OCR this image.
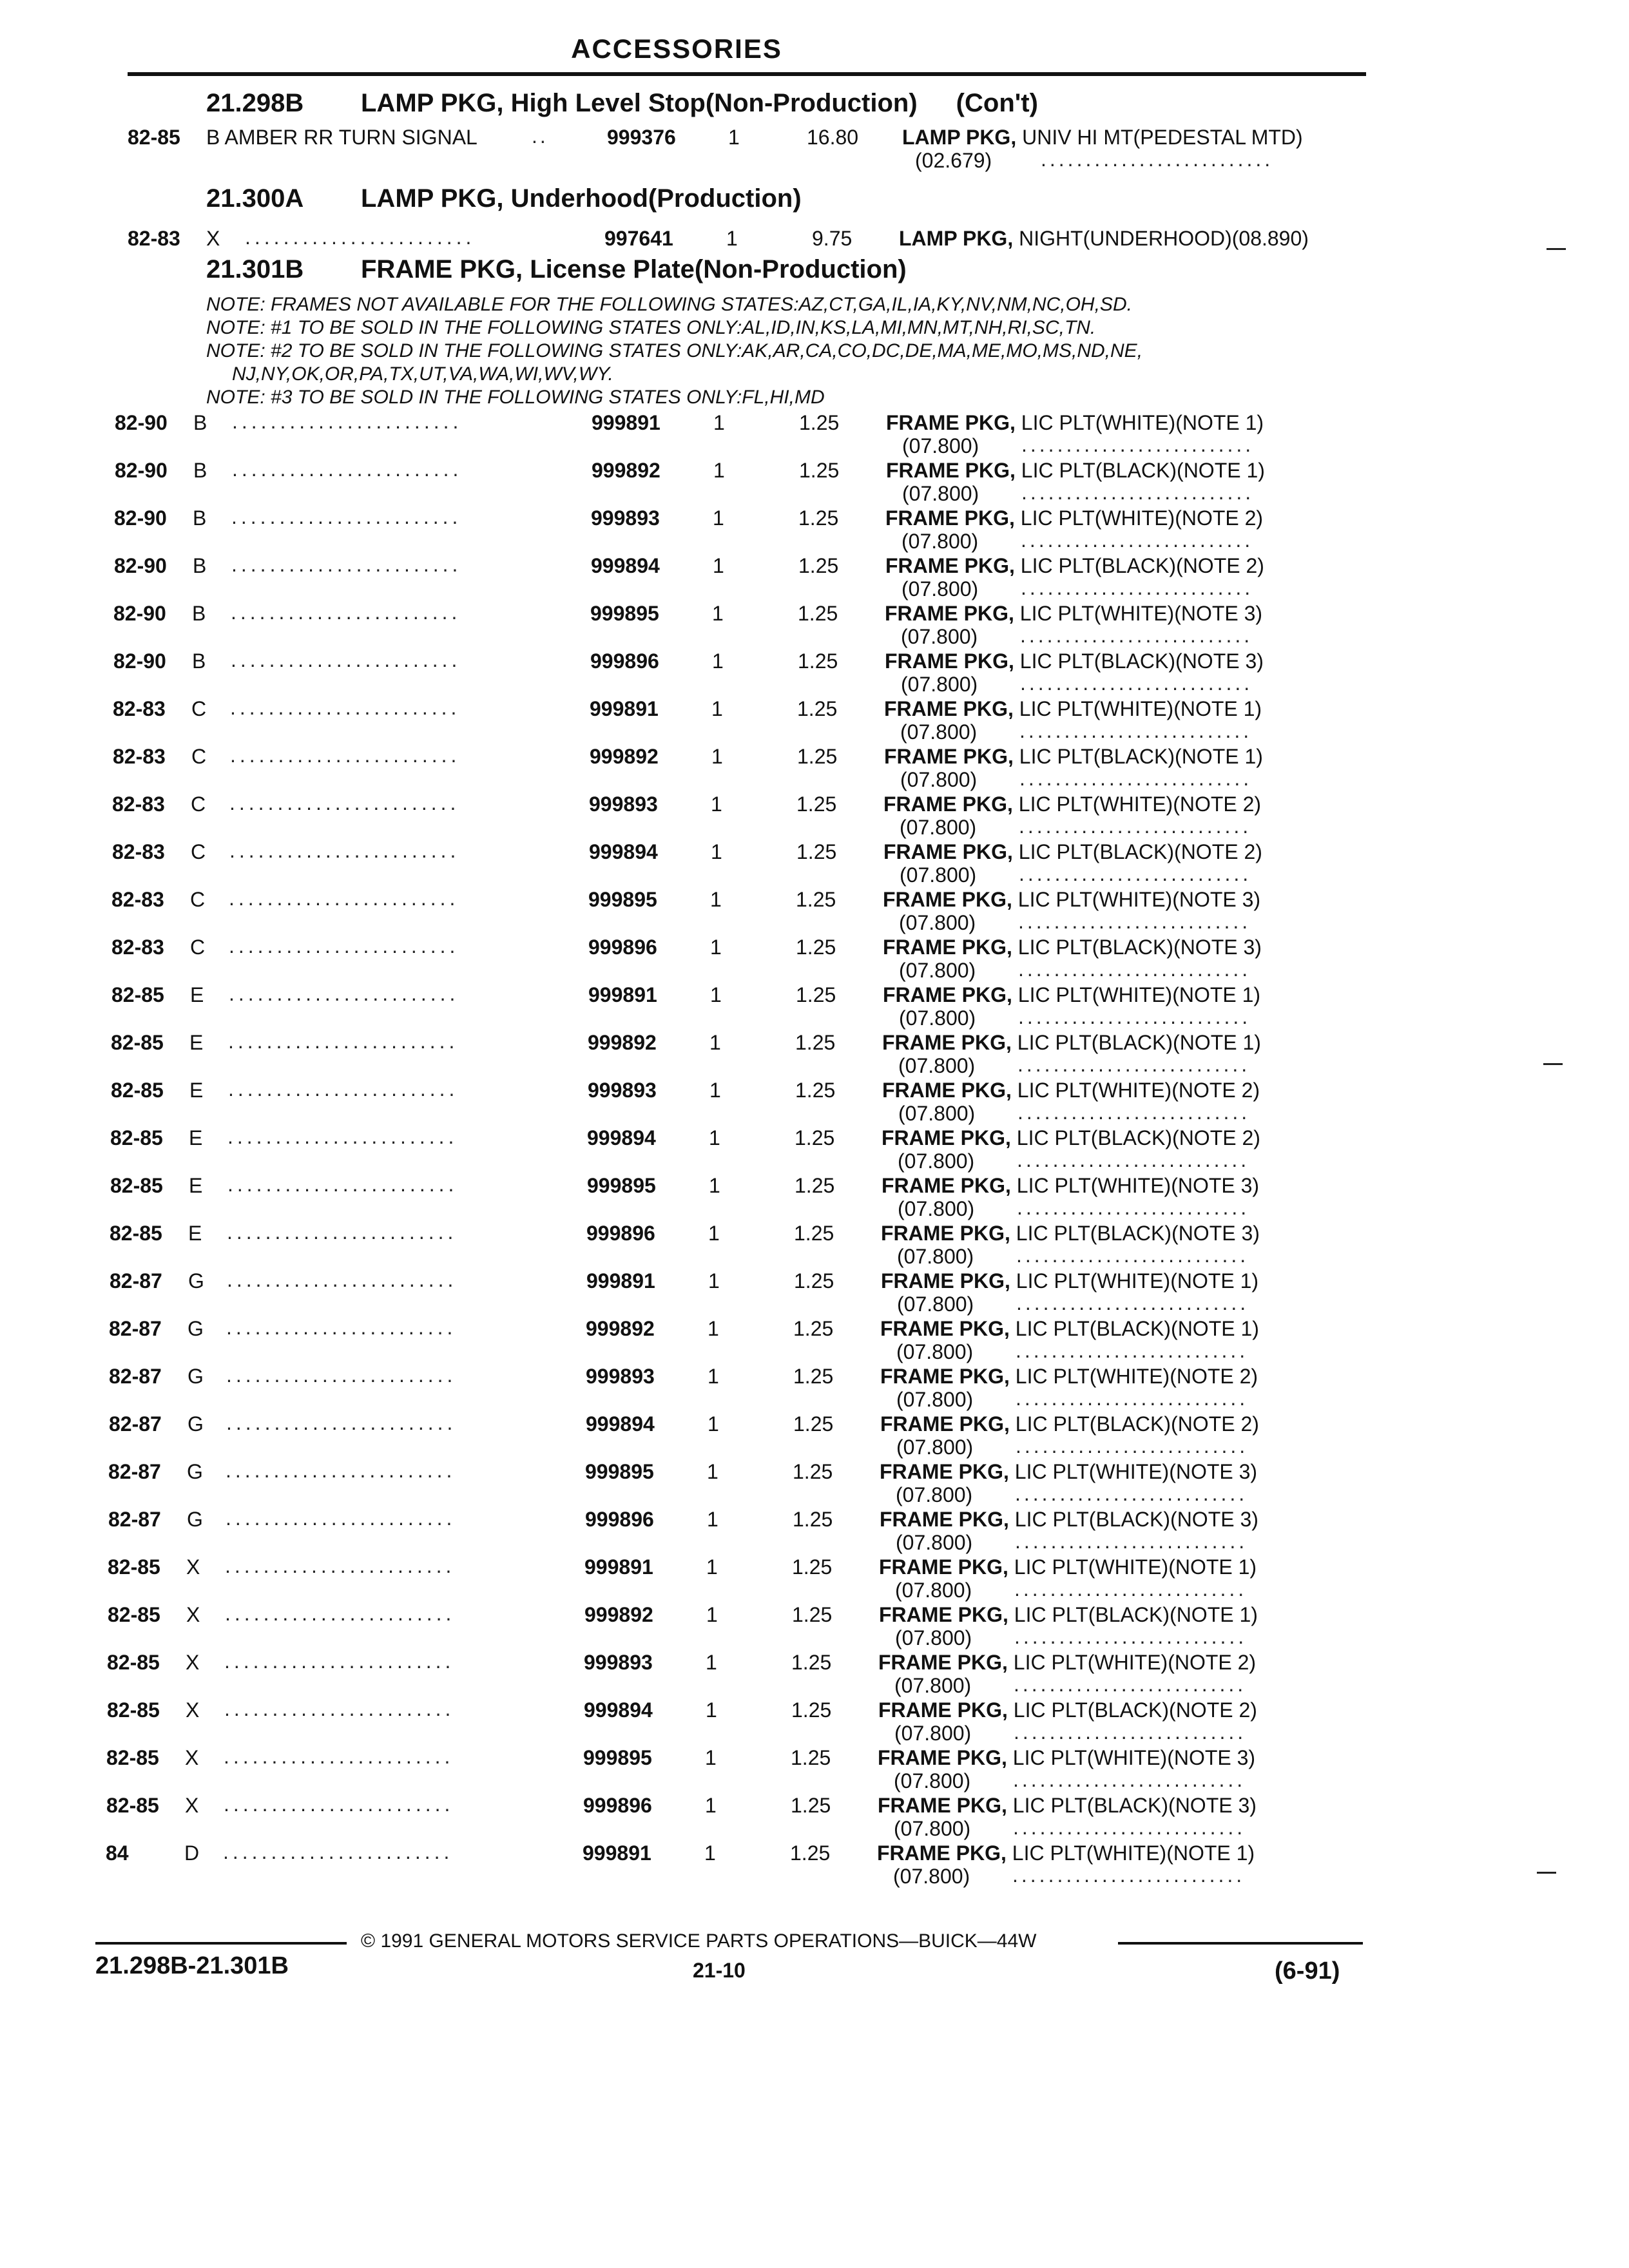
ACCESSORIES
21.298B LAMP PKG, High Level Stop(Non-Production) (Con't)
82-85 B AMBER RR TURN SIGNAL	..	999376	1	16.80 LAMP PKG, UNIV HI MT(PEDESTAL MTD)
(02.679) ..........................
82-83 X ........................	997641	1	9.75 LAMP PKG, NIGHT(UNDERHOOD)(08.890)
21.300A LAMP PKG, Underhood(Production)
21.301B FRAME PKG, License Plate(Non-Production)
NOTE: FRAMES NOT AVAILABLE FOR THE FOLLOWING STATES:AZ,CT,GA,IL,IA,KY,NV,NM,NC,OH,SD.
NOTE: #1 TO BE SOLD IN THE FOLLOWING STATES ONLY:AL,ID,IN,KS,LA,MI,MN,MT,NH,RI,SC,TN.
NOTE: #2 TO BE SOLD IN THE FOLLOWING STATES ONLY:AK,AR,CA,CO,DC,DE,MA,ME,MO,MS,ND,NE,
NJ,NY,OK,OR,PA,TX,UT,VA,WA,WI,WV,WY.
NOTE: #3 TO BE SOLD IN THE FOLLOWING STATES ONLY:FL,HI,MD
82-90 B ........................	999891	1	1.25 FRAME PKG, LIC PLT(WHITE)(NOTE 1)
(07.800) ..........................
82-90 B ........................	999892	1	1.25 FRAME PKG, LIC PLT(BLACK)(NOTE 1)
(07.800) ..........................
82-90 B ........................	999893	1	1.25 FRAME PKG, LIC PLT(WHITE)(NOTE 2)
(07.800) ..........................
82-90 B ........................	999894	1	1.25 FRAME PKG, LIC PLT(BLACK)(NOTE 2)
(07.800) ..........................
82-90 B ........................	999895	1	1.25 FRAME PKG, LIC PLT(WHITE)(NOTE 3)
(07.800) ..........................
82-90 B ........................	999896	1	1.25 FRAME PKG, LIC PLT(BLACK)(NOTE 3)
(07.800) ..........................
82-83 C ........................	999891	1	1.25 FRAME PKG, LIC PLT(WHITE)(NOTE 1)
(07.800) ..........................
82-83 C ........................	999892	1	1.25 FRAME PKG, LIC PLT(BLACK)(NOTE 1)
(07.800) ..........................
82-83 C ........................	999893	1	1.25 FRAME PKG, LIC PLT(WHITE)(NOTE 2)
(07.800) ..........................
82-83 C ........................	999894	1	1.25 FRAME PKG, LIC PLT(BLACK)(NOTE 2)
(07.800) ..........................
82-83 C ........................	999895	1	1.25 FRAME PKG, LIC PLT(WHITE)(NOTE 3)
(07.800) ..........................
82-83 C ........................	999896	1	1.25 FRAME PKG, LIC PLT(BLACK)(NOTE 3)
(07.800) ..........................
82-85 E ........................	999891	1	1.25 FRAME PKG, LIC PLT(WHITE)(NOTE 1)
(07.800) ..........................
82-85 E ........................	999892	1	1.25 FRAME PKG, LIC PLT(BLACK)(NOTE 1)
(07.800) ..........................
82-85 E ........................	999893	1	1.25 FRAME PKG, LIC PLT(WHITE)(NOTE 2)
(07.800) ..........................
82-85 E ........................	999894	1	1.25 FRAME PKG, LIC PLT(BLACK)(NOTE 2)
(07.800) ..........................
82-85 E ........................	999895	1	1.25 FRAME PKG, LIC PLT(WHITE)(NOTE 3)
(07.800) ..........................
82-85 E ........................	999896	1	1.25 FRAME PKG, LIC PLT(BLACK)(NOTE 3)
(07.800) ..........................
82-87 G ........................	999891	1	1.25 FRAME PKG, LIC PLT(WHITE)(NOTE 1)
(07.800) ..........................
82-87 G ........................	999892	1	1.25 FRAME PKG, LIC PLT(BLACK)(NOTE 1)
(07.800) ..........................
82-87 G ........................	999893	1	1.25 FRAME PKG, LIC PLT(WHITE)(NOTE 2)
(07.800) ..........................
82-87 G ........................	999894	1	1.25 FRAME PKG, LIC PLT(BLACK)(NOTE 2)
(07.800) ..........................
82-87 G ........................	999895	1	1.25 FRAME PKG, LIC PLT(WHITE)(NOTE 3)
(07.800) ..........................
82-87 G ........................	999896	1	1.25 FRAME PKG, LIC PLT(BLACK)(NOTE 3)
(07.800) ..........................
82-85 X ........................	999891	1	1.25 FRAME PKG, LIC PLT(WHITE)(NOTE 1)
(07.800) ..........................
82-85 X ........................	999892	1	1.25 FRAME PKG, LIC PLT(BLACK)(NOTE 1)
(07.800) ..........................
82-85 X ........................	999893	1	1.25 FRAME PKG, LIC PLT(WHITE)(NOTE 2)
(07.800) ..........................
82-85 X ........................	999894	1	1.25 FRAME PKG, LIC PLT(BLACK)(NOTE 2)
(07.800) ..........................
82-85 X ........................	999895	1	1.25 FRAME PKG, LIC PLT(WHITE)(NOTE 3)
(07.800) ..........................
82-85 X ........................	999896	1	1.25 FRAME PKG, LIC PLT(BLACK)(NOTE 3)
(07.800) ..........................
84	D ........................	999891	1	1.25 FRAME PKG, LIC PLT(WHITE)(NOTE 1)
(07.800) ..........................
© 1991 GENERAL MOTORS SERVICE PARTS OPERATIONS—BUICK—44W
21.298B-21.301B	21-10	(6-91)
